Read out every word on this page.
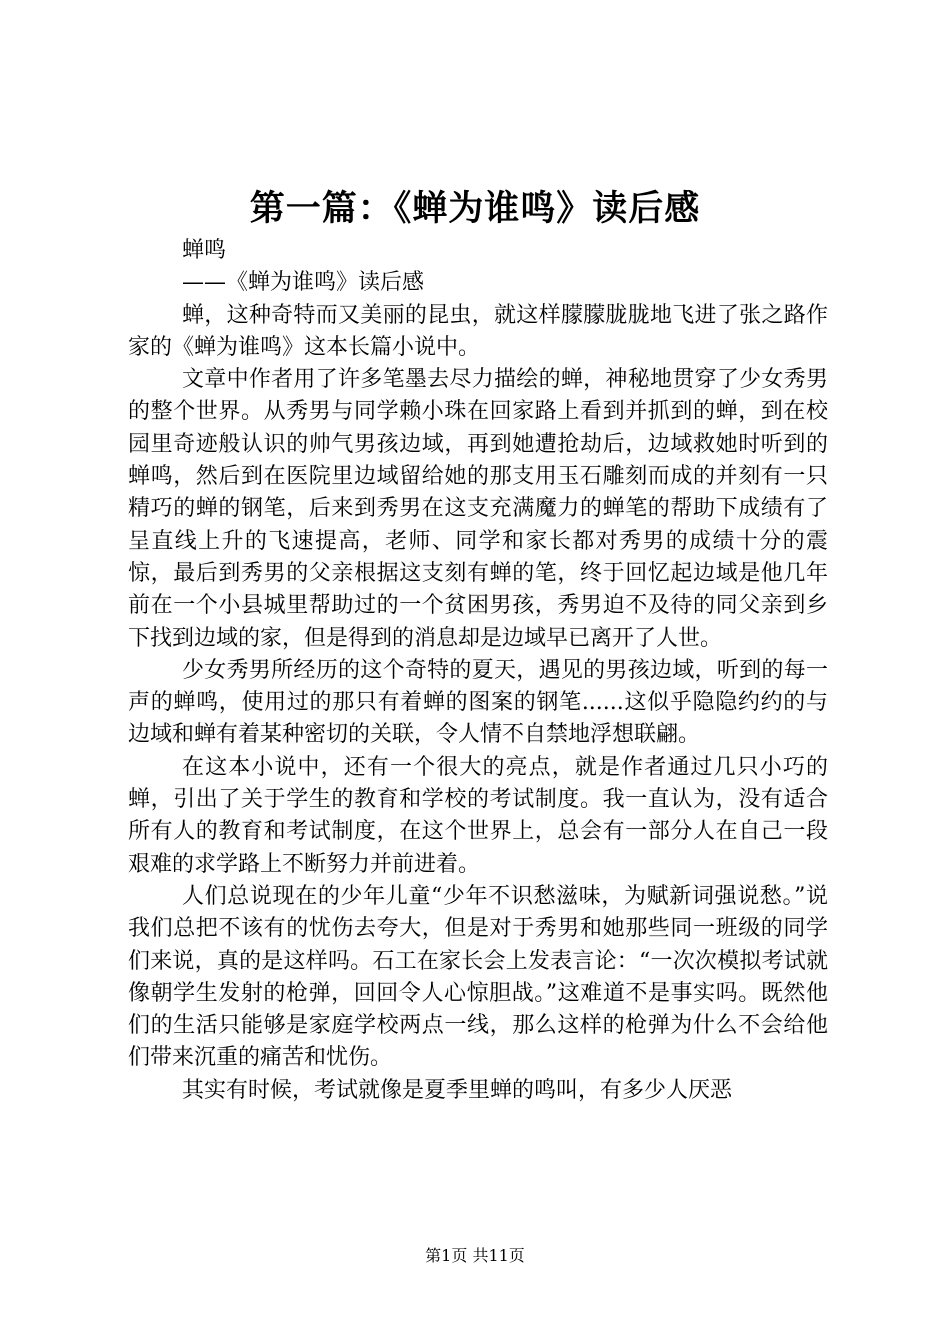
第一篇：《蝉为谁鸣》读后感

蝉鸣

——《蝉为谁鸣》读后感

蝉，这种奇特而又美丽的昆虫，就这样朦朦胧胧地飞进了张之路作家的《蝉为谁鸣》这本长篇小说中。

文章中作者用了许多笔墨去尽力描绘的蝉，神秘地贯穿了少女秀男的整个世界。从秀男与同学赖小珠在回家路上看到并抓到的蝉，到在校园里奇迹般认识的帅气男孩边域，再到她遭抢劫后，边域救她时听到的蝉鸣，然后到在医院里边域留给她的那支用玉石雕刻而成的并刻有一只精巧的蝉的钢笔，后来到秀男在这支充满魔力的蝉笔的帮助下成绩有了呈直线上升的飞速提高，老师、同学和家长都对秀男的成绩十分的震惊，最后到秀男的父亲根据这支刻有蝉的笔，终于回忆起边域是他几年前在一个小县城里帮助过的一个贫困男孩，秀男迫不及待的同父亲到乡下找到边域的家，但是得到的消息却是边域早已离开了人世。

少女秀男所经历的这个奇特的夏天，遇见的男孩边域，听到的每一声的蝉鸣，使用过的那只有着蝉的图案的钢笔......这似乎隐隐约约的与边域和蝉有着某种密切的关联，令人情不自禁地浮想联翩。

在这本小说中，还有一个很大的亮点，就是作者通过几只小巧的蝉，引出了关于学生的教育和学校的考试制度。我一直认为，没有适合所有人的教育和考试制度，在这个世界上，总会有一部分人在自己一段艰难的求学路上不断努力并前进着。

人们总说现在的少年儿童“少年不识愁滋味，为赋新词强说愁。”说我们总把不该有的忧伤去夸大，但是对于秀男和她那些同一班级的同学们来说，真的是这样吗。石工在家长会上发表言论：“一次次模拟考试就像朝学生发射的枪弹，回回令人心惊胆战。”这难道不是事实吗。既然他们的生活只能够是家庭学校两点一线，那么这样的枪弹为什么不会给他们带来沉重的痛苦和忧伤。

其实有时候，考试就像是夏季里蝉的鸣叫，有多少人厌恶

第1页 共11页
